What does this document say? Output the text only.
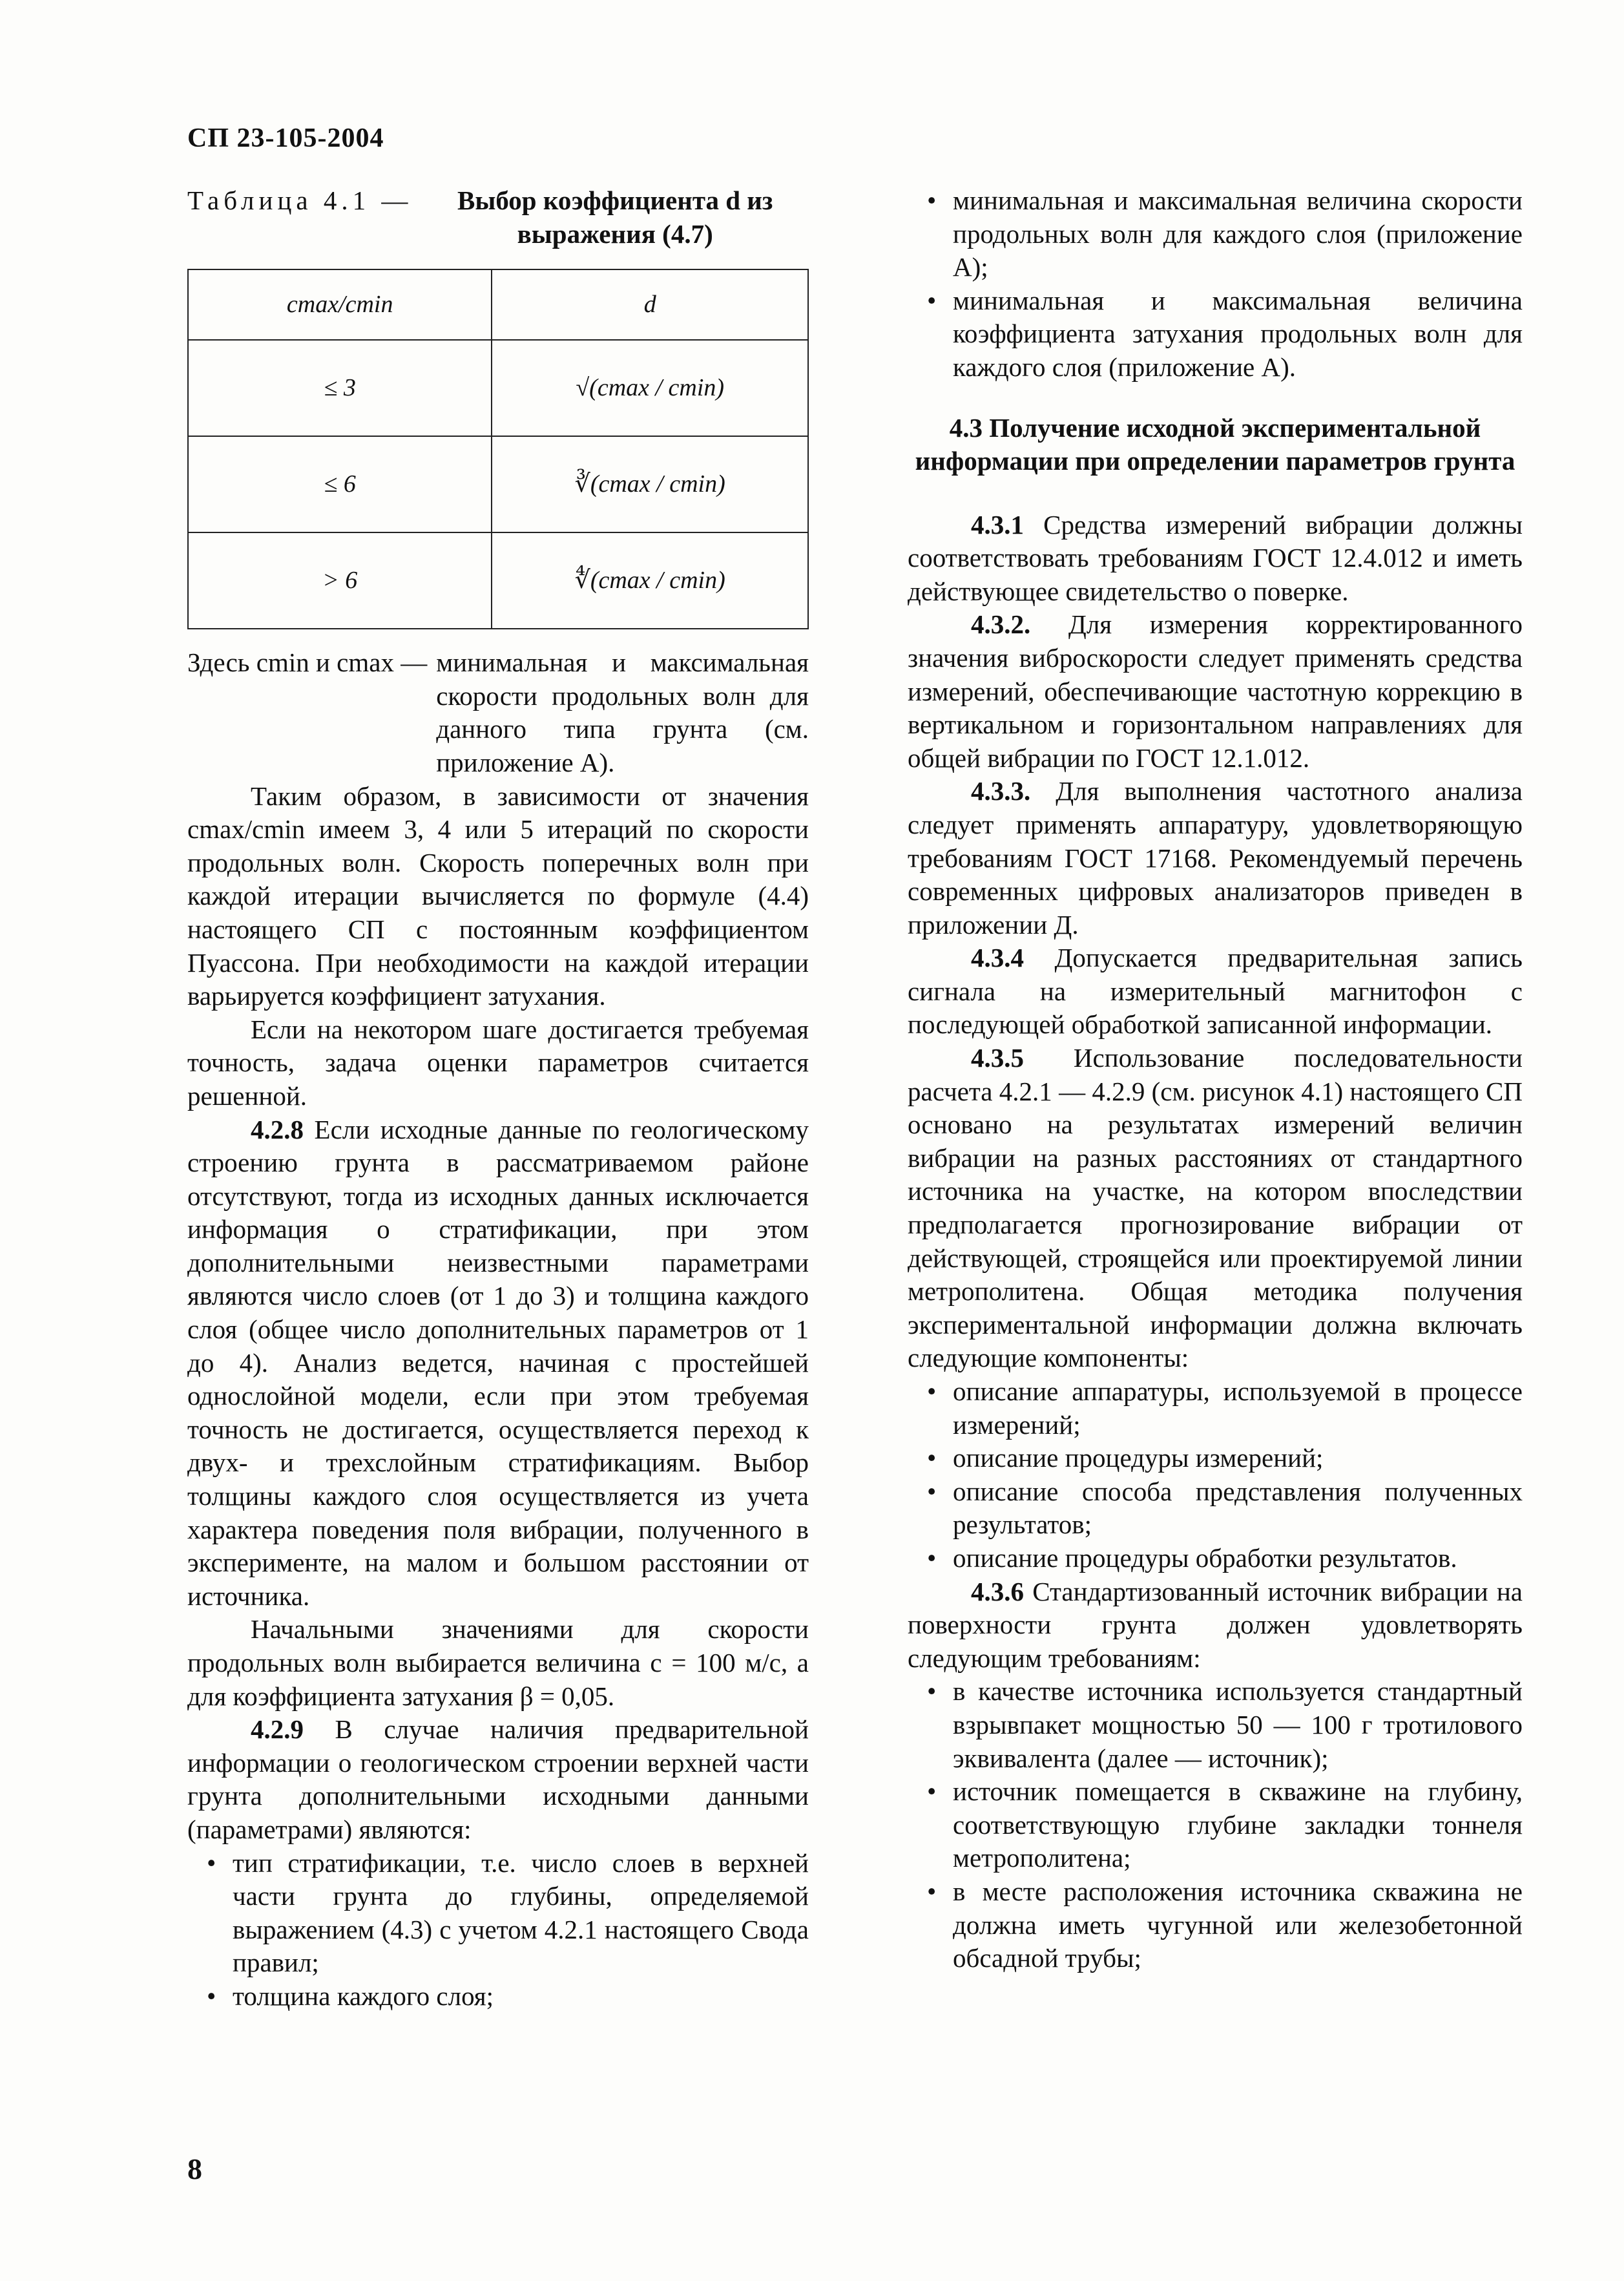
СП 23-105-2004
Таблица 4.1 —	Выбор коэффициента d из выражения (4.7)
cmax/cmin	d
≤ 3	√(cmax / cmin)
≤ 6	∛(cmax / cmin)
> 6	∜(cmax / cmin)
Здесь cmin и cmax — минимальная и максимальная скорости продольных волн для данного типа грунта (см. приложение А).

Таким образом, в зависимости от значения cmax/cmin имеем 3, 4 или 5 итераций по скорости продольных волн. Скорость поперечных волн при каждой итерации вычисляется по формуле (4.4) настоящего СП с постоянным коэффициентом Пуассона. При необходимости на каждой итерации варьируется коэффициент затухания.

Если на некотором шаге достигается требуемая точность, задача оценки параметров считается решенной.

4.2.8 Если исходные данные по геологическому строению грунта в рассматриваемом районе отсутствуют, тогда из исходных данных исключается информация о стратификации, при этом дополнительными неизвестными параметрами являются число слоев (от 1 до 3) и толщина каждого слоя (общее число дополнительных параметров от 1 до 4). Анализ ведется, начиная с простейшей однослойной модели, если при этом требуемая точность не достигается, осуществляется переход к двух- и трехслойным стратификациям. Выбор толщины каждого слоя осуществляется из учета характера поведения поля вибрации, полученного в эксперименте, на малом и большом расстоянии от источника.

Начальными значениями для скорости продольных волн выбирается величина c = 100 м/с, а для коэффициента затухания β = 0,05.

4.2.9 В случае наличия предварительной информации о геологическом строении верхней части грунта дополнительными исходными данными (параметрами) являются:

• тип стратификации, т.е. число слоев в верхней части грунта до глубины, определяемой выражением (4.3) с учетом 4.2.1 настоящего Свода правил;

• толщина каждого слоя;

• минимальная и максимальная величина скорости продольных волн для каждого слоя (приложение А);

• минимальная и максимальная величина коэффициента затухания продольных волн для каждого слоя (приложение А).

4.3 Получение исходной экспериментальной информации при определении параметров грунта

4.3.1 Средства измерений вибрации должны соответствовать требованиям ГОСТ 12.4.012 и иметь действующее свидетельство о поверке.

4.3.2. Для измерения корректированного значения виброскорости следует применять средства измерений, обеспечивающие частотную коррекцию в вертикальном и горизонтальном направлениях для общей вибрации по ГОСТ 12.1.012.

4.3.3. Для выполнения частотного анализа следует применять аппаратуру, удовлетворяющую требованиям ГОСТ 17168. Рекомендуемый перечень современных цифровых анализаторов приведен в приложении Д.

4.3.4 Допускается предварительная запись сигнала на измерительный магнитофон с последующей обработкой записанной информации.

4.3.5 Использование последовательности расчета 4.2.1 — 4.2.9 (см. рисунок 4.1) настоящего СП основано на результатах измерений величин вибрации на разных расстояниях от стандартного источника на участке, на котором впоследствии предполагается прогнозирование вибрации от действующей, строящейся или проектируемой линии метрополитена. Общая методика получения экспериментальной информации должна включать следующие компоненты:

• описание аппаратуры, используемой в процессе измерений;

• описание процедуры измерений;

• описание способа представления полученных результатов;

• описание процедуры обработки результатов.

4.3.6 Стандартизованный источник вибрации на поверхности грунта должен удовлетворять следующим требованиям:

• в качестве источника используется стандартный взрывпакет мощностью 50 — 100 г тротилового эквивалента (далее — источник);

• источник помещается в скважине на глубину, соответствующую глубине закладки тоннеля метрополитена;

• в месте расположения источника скважина не должна иметь чугунной или железобетонной обсадной трубы;

8
